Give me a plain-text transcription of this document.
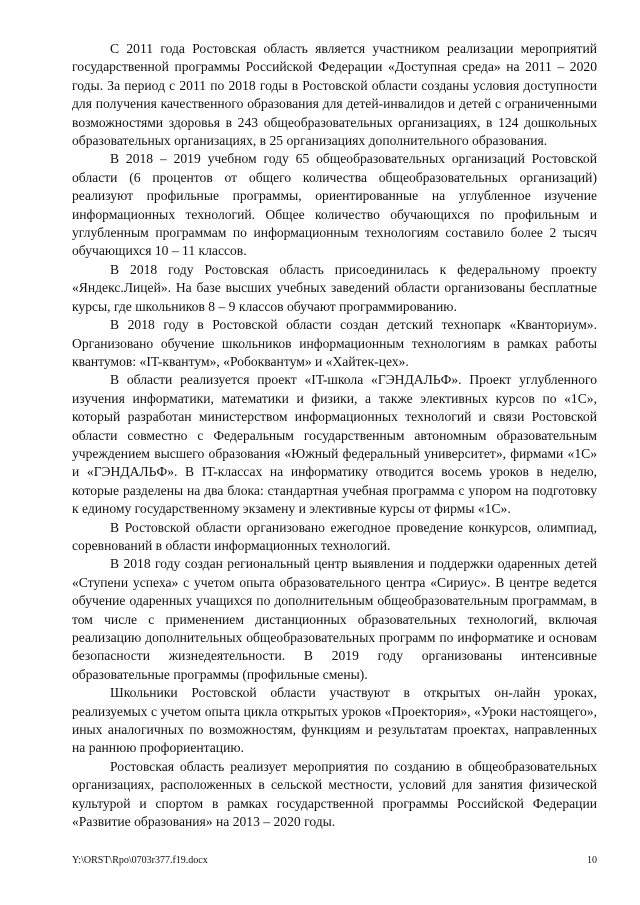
С 2011 года Ростовская область является участником реализации мероприятий государственной программы Российской Федерации «Доступная среда» на 2011 – 2020 годы. За период с 2011 по 2018 годы в Ростовской области созданы условия доступности для получения качественного образования для детей-инвалидов и детей с ограниченными возможностями здоровья в 243 общеобразовательных организациях, в 124 дошкольных образовательных организациях, в 25 организациях дополнительного образования.

В 2018 – 2019 учебном году 65 общеобразовательных организаций Ростовской области (6 процентов от общего количества общеобразовательных организаций) реализуют профильные программы, ориентированные на углубленное изучение информационных технологий. Общее количество обучающихся по профильным и углубленным программам по информационным технологиям составило более 2 тысяч обучающихся 10 – 11 классов.

В 2018 году Ростовская область присоединилась к федеральному проекту «Яндекс.Лицей». На базе высших учебных заведений области организованы бесплатные курсы, где школьников 8 – 9 классов обучают программированию.

В 2018 году в Ростовской области создан детский технопарк «Кванториум». Организовано обучение школьников информационным технологиям в рамках работы квантумов: «IT-квантум», «Робоквантум» и «Хайтек-цех».

В области реализуется проект «IT-школа «ГЭНДАЛЬФ». Проект углубленного изучения информатики, математики и физики, а также элективных курсов по «1С», который разработан министерством информационных технологий и связи Ростовской области совместно с Федеральным государственным автономным образовательным учреждением высшего образования «Южный федеральный университет», фирмами «1С» и «ГЭНДАЛЬФ». В IT-классах на информатику отводится восемь уроков в неделю, которые разделены на два блока: стандартная учебная программа с упором на подготовку к единому государственному экзамену и элективные курсы от фирмы «1С».

В Ростовской области организовано ежегодное проведение конкурсов, олимпиад, соревнований в области информационных технологий.

В 2018 году создан региональный центр выявления и поддержки одаренных детей «Ступени успеха» с учетом опыта образовательного центра «Сириус». В центре ведется обучение одаренных учащихся по дополнительным общеобразовательным программам, в том числе с применением дистанционных образовательных технологий, включая реализацию дополнительных общеобразовательных программ по информатике и основам безопасности жизнедеятельности. В 2019 году организованы интенсивные образовательные программы (профильные смены).

Школьники Ростовской области участвуют в открытых он-лайн уроках, реализуемых с учетом опыта цикла открытых уроков «Проектория», «Уроки настоящего», иных аналогичных по возможностям, функциям и результатам проектах, направленных на раннюю профориентацию.

Ростовская область реализует мероприятия по созданию в общеобразовательных организациях, расположенных в сельской местности, условий для занятия физической культурой и спортом в рамках государственной программы Российской Федерации «Развитие образования» на 2013 – 2020 годы.

Y:\ORST\Rpo\0703r377.f19.docx	10
